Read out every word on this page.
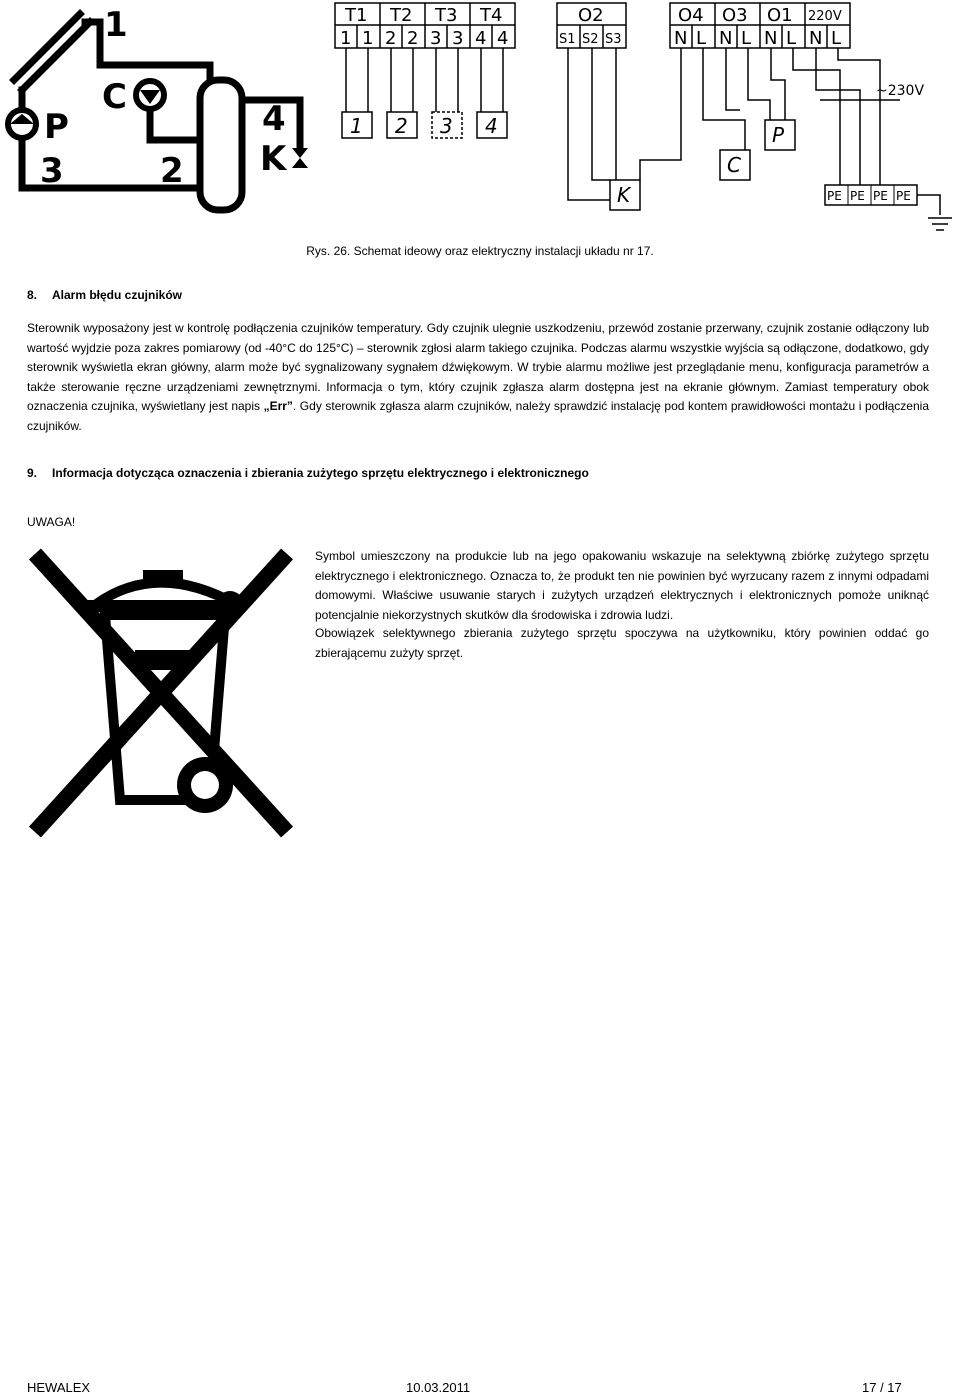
1
P
C
3	2
4
K
T1 T2 T3 T4
1 1 2 2 3 3 4 4
1 2 3 4
O2
S1 S2 S3
O4 O3 O1 220V
N L N L N L N L
K
C
P
PE PE PE PE
~230V
Rys. 26. Schemat ideowy oraz elektryczny instalacji układu nr 17.
8. Alarm błędu czujników
Sterownik wyposażony jest w kontrolę podłączenia czujników temperatury. Gdy czujnik ulegnie uszkodzeniu, przewód zostanie przerwany, czujnik zostanie odłączony lub wartość wyjdzie poza zakres pomiarowy (od -40°C do 125°C) – sterownik zgłosi alarm takiego czujnika. Podczas alarmu wszystkie wyjścia są odłączone, dodatkowo, gdy sterownik wyświetla ekran główny, alarm może być sygnalizowany sygnałem dźwiękowym. W trybie alarmu możliwe jest przeglądanie menu, konfiguracja parametrów a także sterowanie ręczne urządzeniami zewnętrznymi. Informacja o tym, który czujnik zgłasza alarm dostępna jest na ekranie głównym. Zamiast temperatury obok oznaczenia czujnika, wyświetlany jest napis „Err”. Gdy sterownik zgłasza alarm czujników, należy sprawdzić instalację pod kontem prawidłowości montażu i podłączenia czujników.
9. Informacja dotycząca oznaczenia i zbierania zużytego sprzętu elektrycznego i elektronicznego
UWAGA!
Symbol umieszczony na produkcie lub na jego opakowaniu wskazuje na selektywną zbiórkę zużytego sprzętu elektrycznego i elektronicznego. Oznacza to, że produkt ten nie powinien być wyrzucany razem z innymi odpadami domowymi. Właściwe usuwanie starych i zużytych urządzeń elektrycznych i elektronicznych pomoże uniknąć potencjalnie niekorzystnych skutków dla środowiska i zdrowia ludzi.
Obowiązek selektywnego zbierania zużytego sprzętu spoczywa na użytkowniku, który powinien oddać go zbierającemu zużyty sprzęt.
HEWALEX	10.03.2011	17 / 17
